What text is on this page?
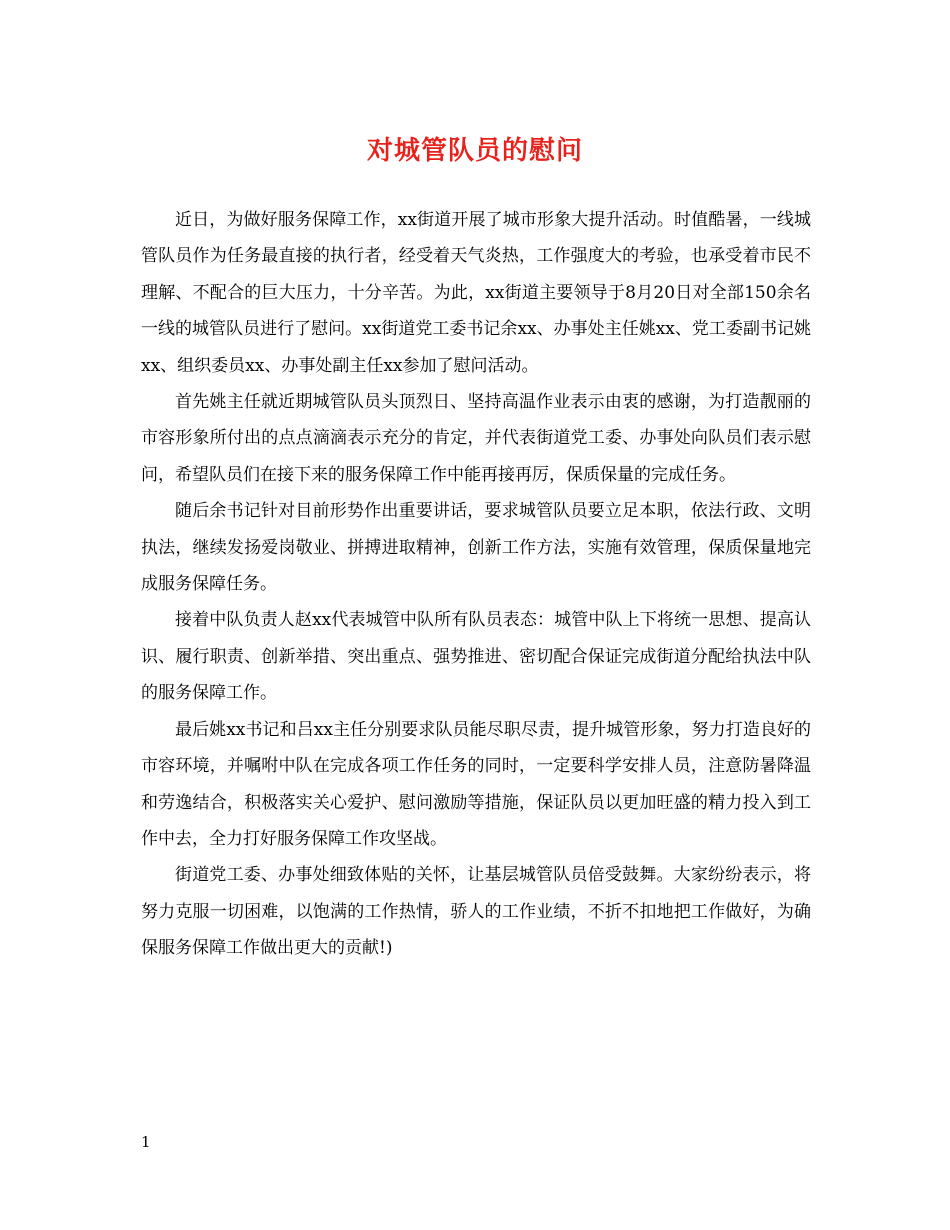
对城管队员的慰问

近日，为做好服务保障工作，xx街道开展了城市形象大提升活动。时值酷暑，一线城管队员作为任务最直接的执行者，经受着天气炎热，工作强度大的考验，也承受着市民不理解、不配合的巨大压力，十分辛苦。为此，xx街道主要领导于8月20日对全部150余名一线的城管队员进行了慰问。xx街道党工委书记余xx、办事处主任姚xx、党工委副书记姚xx、组织委员xx、办事处副主任xx参加了慰问活动。

首先姚主任就近期城管队员头顶烈日、坚持高温作业表示由衷的感谢，为打造靓丽的市容形象所付出的点点滴滴表示充分的肯定，并代表街道党工委、办事处向队员们表示慰问，希望队员们在接下来的服务保障工作中能再接再厉，保质保量的完成任务。

随后余书记针对目前形势作出重要讲话，要求城管队员要立足本职，依法行政、文明执法，继续发扬爱岗敬业、拼搏进取精神，创新工作方法，实施有效管理，保质保量地完成服务保障任务。

接着中队负责人赵xx代表城管中队所有队员表态：城管中队上下将统一思想、提高认识、履行职责、创新举措、突出重点、强势推进、密切配合保证完成街道分配给执法中队的服务保障工作。

最后姚xx书记和吕xx主任分别要求队员能尽职尽责，提升城管形象，努力打造良好的市容环境，并嘱咐中队在完成各项工作任务的同时，一定要科学安排人员，注意防暑降温和劳逸结合，积极落实关心爱护、慰问激励等措施，保证队员以更加旺盛的精力投入到工作中去，全力打好服务保障工作攻坚战。

街道党工委、办事处细致体贴的关怀，让基层城管队员倍受鼓舞。大家纷纷表示，将努力克服一切困难，以饱满的工作热情，骄人的工作业绩，不折不扣地把工作做好，为确保服务保障工作做出更大的贡献!)

1
